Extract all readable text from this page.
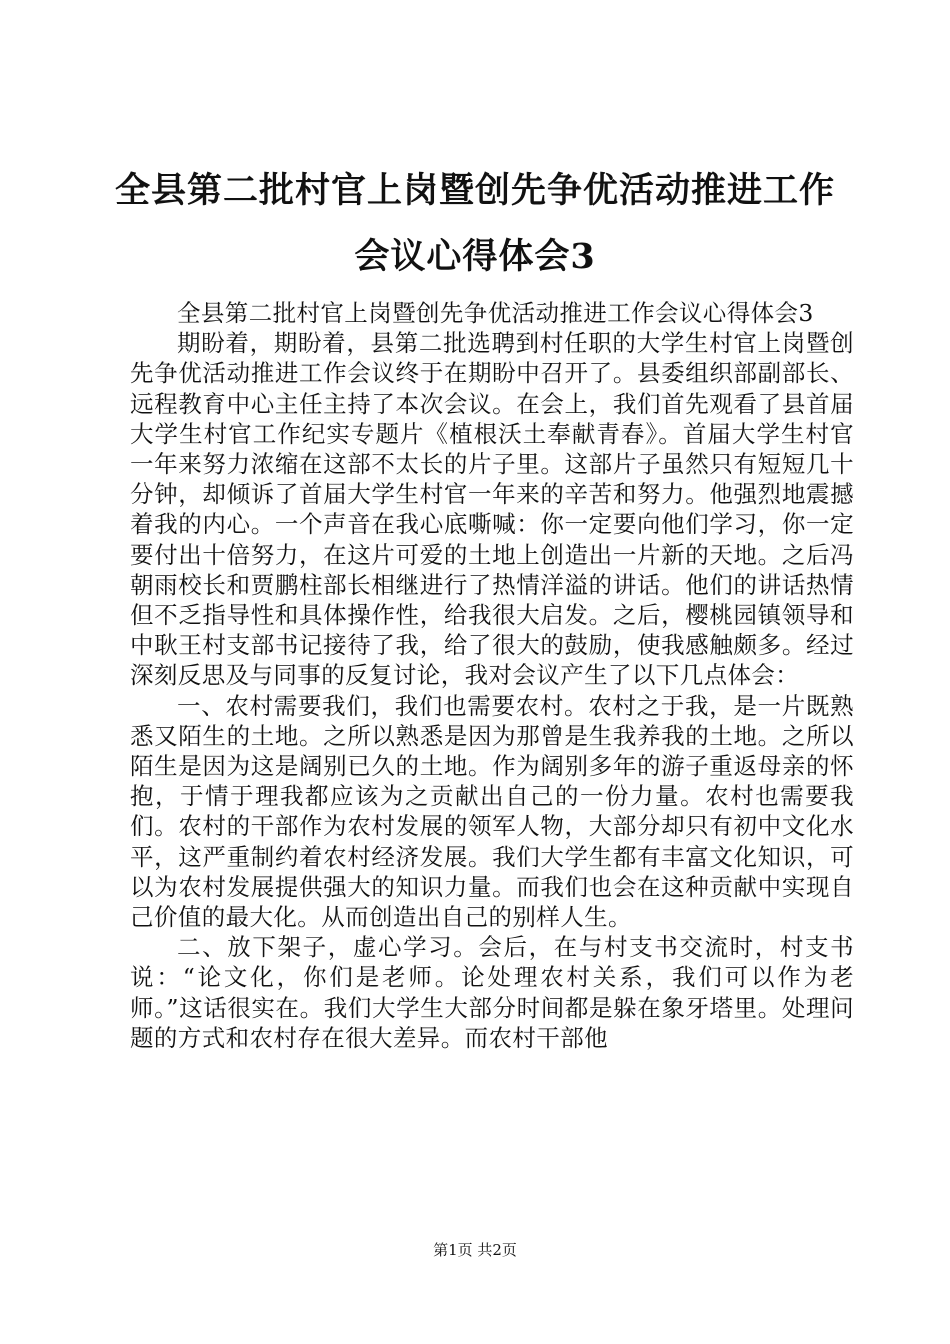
全县第二批村官上岗暨创先争优活动推进工作会议心得体会3

全县第二批村官上岗暨创先争优活动推进工作会议心得体会3

期盼着，期盼着，县第二批选聘到村任职的大学生村官上岗暨创先争优活动推进工作会议终于在期盼中召开了。县委组织部副部长、远程教育中心主任主持了本次会议。在会上，我们首先观看了县首届大学生村官工作纪实专题片《植根沃土奉献青春》。首届大学生村官一年来努力浓缩在这部不太长的片子里。这部片子虽然只有短短几十分钟，却倾诉了首届大学生村官一年来的辛苦和努力。他强烈地震撼着我的内心。一个声音在我心底嘶喊：你一定要向他们学习，你一定要付出十倍努力，在这片可爱的土地上创造出一片新的天地。之后冯朝雨校长和贾鹏柱部长相继进行了热情洋溢的讲话。他们的讲话热情但不乏指导性和具体操作性，给我很大启发。之后，樱桃园镇领导和中耿王村支部书记接待了我，给了很大的鼓励，使我感触颇多。经过深刻反思及与同事的反复讨论，我对会议产生了以下几点体会：

一、农村需要我们，我们也需要农村。农村之于我，是一片既熟悉又陌生的土地。之所以熟悉是因为那曾是生我养我的土地。之所以陌生是因为这是阔别已久的土地。作为阔别多年的游子重返母亲的怀抱，于情于理我都应该为之贡献出自己的一份力量。农村也需要我们。农村的干部作为农村发展的领军人物，大部分却只有初中文化水平，这严重制约着农村经济发展。我们大学生都有丰富文化知识，可以为农村发展提供强大的知识力量。而我们也会在这种贡献中实现自己价值的最大化。从而创造出自己的别样人生。

二、放下架子，虚心学习。会后，在与村支书交流时，村支书说：“论文化，你们是老师。论处理农村关系，我们可以作为老师。”这话很实在。我们大学生大部分时间都是躲在象牙塔里。处理问题的方式和农村存在很大差异。而农村干部他

第1页 共2页
